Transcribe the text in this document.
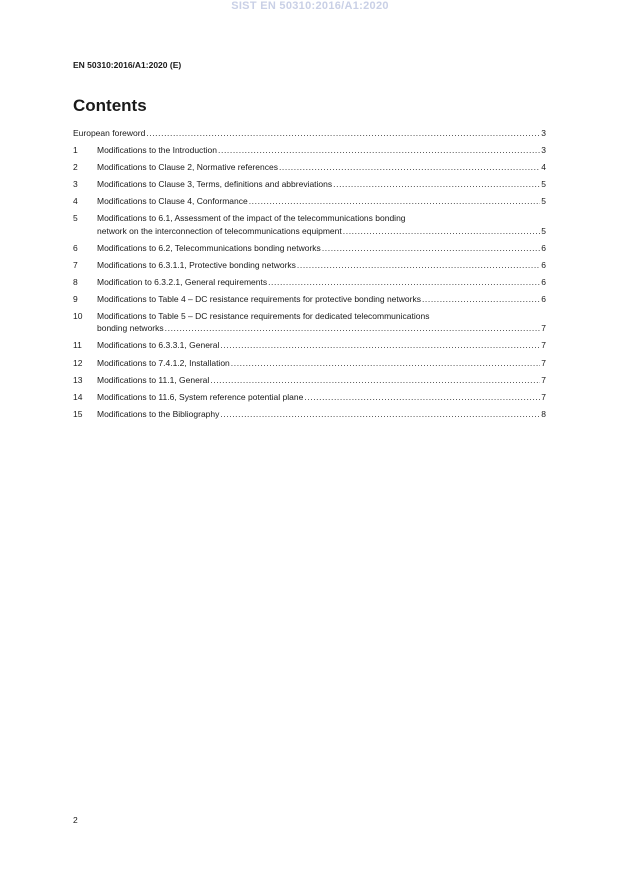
SIST EN 50310:2016/A1:2020
EN 50310:2016/A1:2020 (E)
Contents
European foreword .....	3
1	Modifications to the Introduction .....	3
2	Modifications to Clause 2, Normative references .....	4
3	Modifications to Clause 3, Terms, definitions and abbreviations .....	5
4	Modifications to Clause 4, Conformance .....	5
5	Modifications to 6.1, Assessment of the impact of the telecommunications bonding
network on the interconnection of telecommunications equipment .....	5
6	Modifications to 6.2, Telecommunications bonding networks .....	6
7	Modifications to 6.3.1.1, Protective bonding networks .....	6
8	Modification to 6.3.2.1, General requirements .....	6
9	Modifications to Table 4 – DC resistance requirements for protective bonding networks .....	6
10	Modifications to Table 5 – DC resistance requirements for dedicated telecommunications
bonding networks .....	7
11	Modifications to 6.3.3.1, General .....	7
12	Modifications to 7.4.1.2, Installation .....	7
13	Modifications to 11.1, General .....	7
14	Modifications to 11.6, System reference potential plane .....	7
15	Modifications to the Bibliography .....	8
2
